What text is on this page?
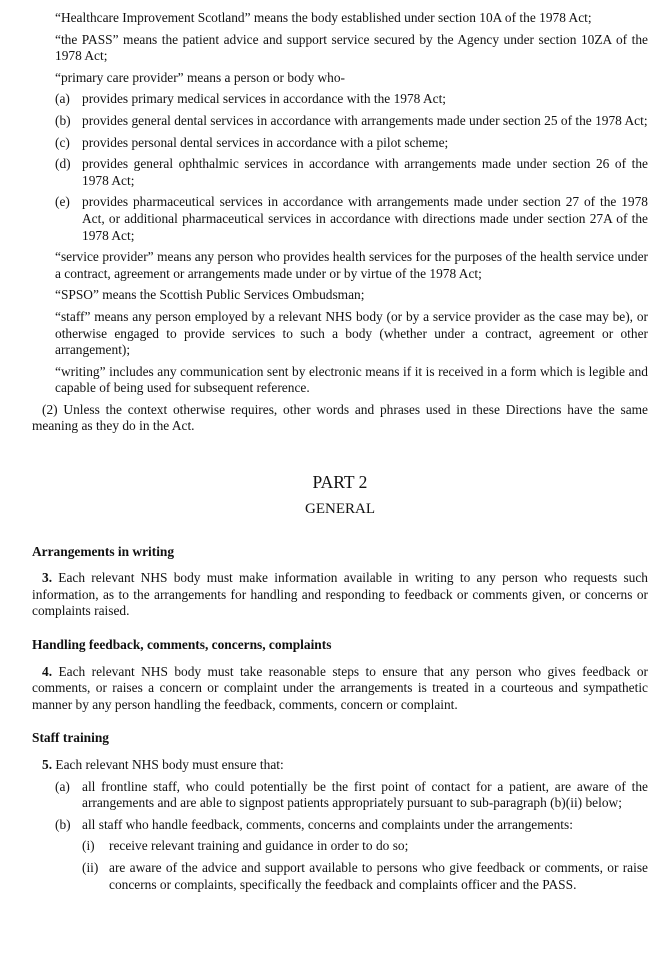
“Healthcare Improvement Scotland” means the body established under section 10A of the 1978 Act;

“the PASS” means the patient advice and support service secured by the Agency under section 10ZA of the 1978 Act;

“primary care provider” means a person or body who-

(a) provides primary medical services in accordance with the 1978 Act;
(b) provides general dental services in accordance with arrangements made under section 25 of the 1978 Act;
(c) provides personal dental services in accordance with a pilot scheme;
(d) provides general ophthalmic services in accordance with arrangements made under section 26 of the 1978 Act;
(e) provides pharmaceutical services in accordance with arrangements made under section 27 of the 1978 Act, or additional pharmaceutical services in accordance with directions made under section 27A of the 1978 Act;

“service provider” means any person who provides health services for the purposes of the health service under a contract, agreement or arrangements made under or by virtue of the 1978 Act;

“SPSO” means the Scottish Public Services Ombudsman;

“staff” means any person employed by a relevant NHS body (or by a service provider as the case may be), or otherwise engaged to provide services to such a body (whether under a contract, agreement or other arrangement);

“writing” includes any communication sent by electronic means if it is received in a form which is legible and capable of being used for subsequent reference.

(2) Unless the context otherwise requires, other words and phrases used in these Directions have the same meaning as they do in the Act.

PART 2
GENERAL
Arrangements in writing

3. Each relevant NHS body must make information available in writing to any person who requests such information, as to the arrangements for handling and responding to feedback or comments given, or concerns or complaints raised.

Handling feedback, comments, concerns, complaints

4. Each relevant NHS body must take reasonable steps to ensure that any person who gives feedback or comments, or raises a concern or complaint under the arrangements is treated in a courteous and sympathetic manner by any person handling the feedback, comments, concern or complaint.

Staff training

5. Each relevant NHS body must ensure that:

(a) all frontline staff, who could potentially be the first point of contact for a patient, are aware of the arrangements and are able to signpost patients appropriately pursuant to sub-paragraph (b)(ii) below;
(b) all staff who handle feedback, comments, concerns and complaints under the arrangements:
(i) receive relevant training and guidance in order to do so;
(ii) are aware of the advice and support available to persons who give feedback or comments, or raise concerns or complaints, specifically the feedback and complaints officer and the PASS.
